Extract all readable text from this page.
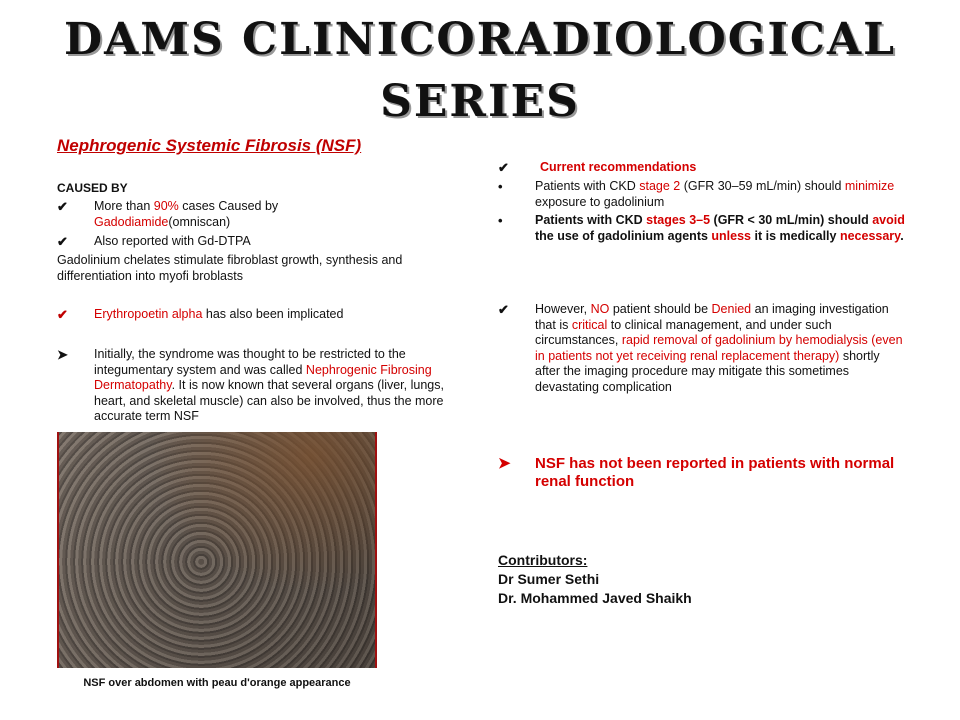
DAMS CLINICORADIOLOGICAL
SERIES
Nephrogenic Systemic Fibrosis (NSF)
CAUSED BY
✔ More than 90% cases Caused by
Gadodiamide(omniscan)
✔ Also reported with Gd-DTPA
Gadolinium chelates stimulate fibroblast growth, synthesis and differentiation into myofi broblasts
✔ Erythropoetin alpha has also been implicated
➤ Initially, the syndrome was thought to be restricted to the integumentary system and was called Nephrogenic Fibrosing Dermatopathy. It is now known that several organs (liver, lungs, heart, and skeletal muscle) can also be involved, thus the more accurate term NSF
NSF over abdomen with peau d'orange appearance
✔ Current recommendations
•	Patients with CKD stage 2 (GFR 30–59 mL/min) should minimize exposure to gadolinium
•	Patients with CKD stages 3–5 (GFR < 30 mL/min) should avoid the use of gadolinium agents unless it is medically necessary.
✔ However, NO patient should be Denied an imaging investigation that is critical to clinical management, and under such circumstances, rapid removal of gadolinium by hemodialysis (even in patients not yet receiving renal replacement therapy) shortly after the imaging procedure may mitigate this sometimes devastating complication
➤ NSF has not been reported in patients with normal renal function
Contributors:
Dr Sumer Sethi
Dr. Mohammed Javed Shaikh
